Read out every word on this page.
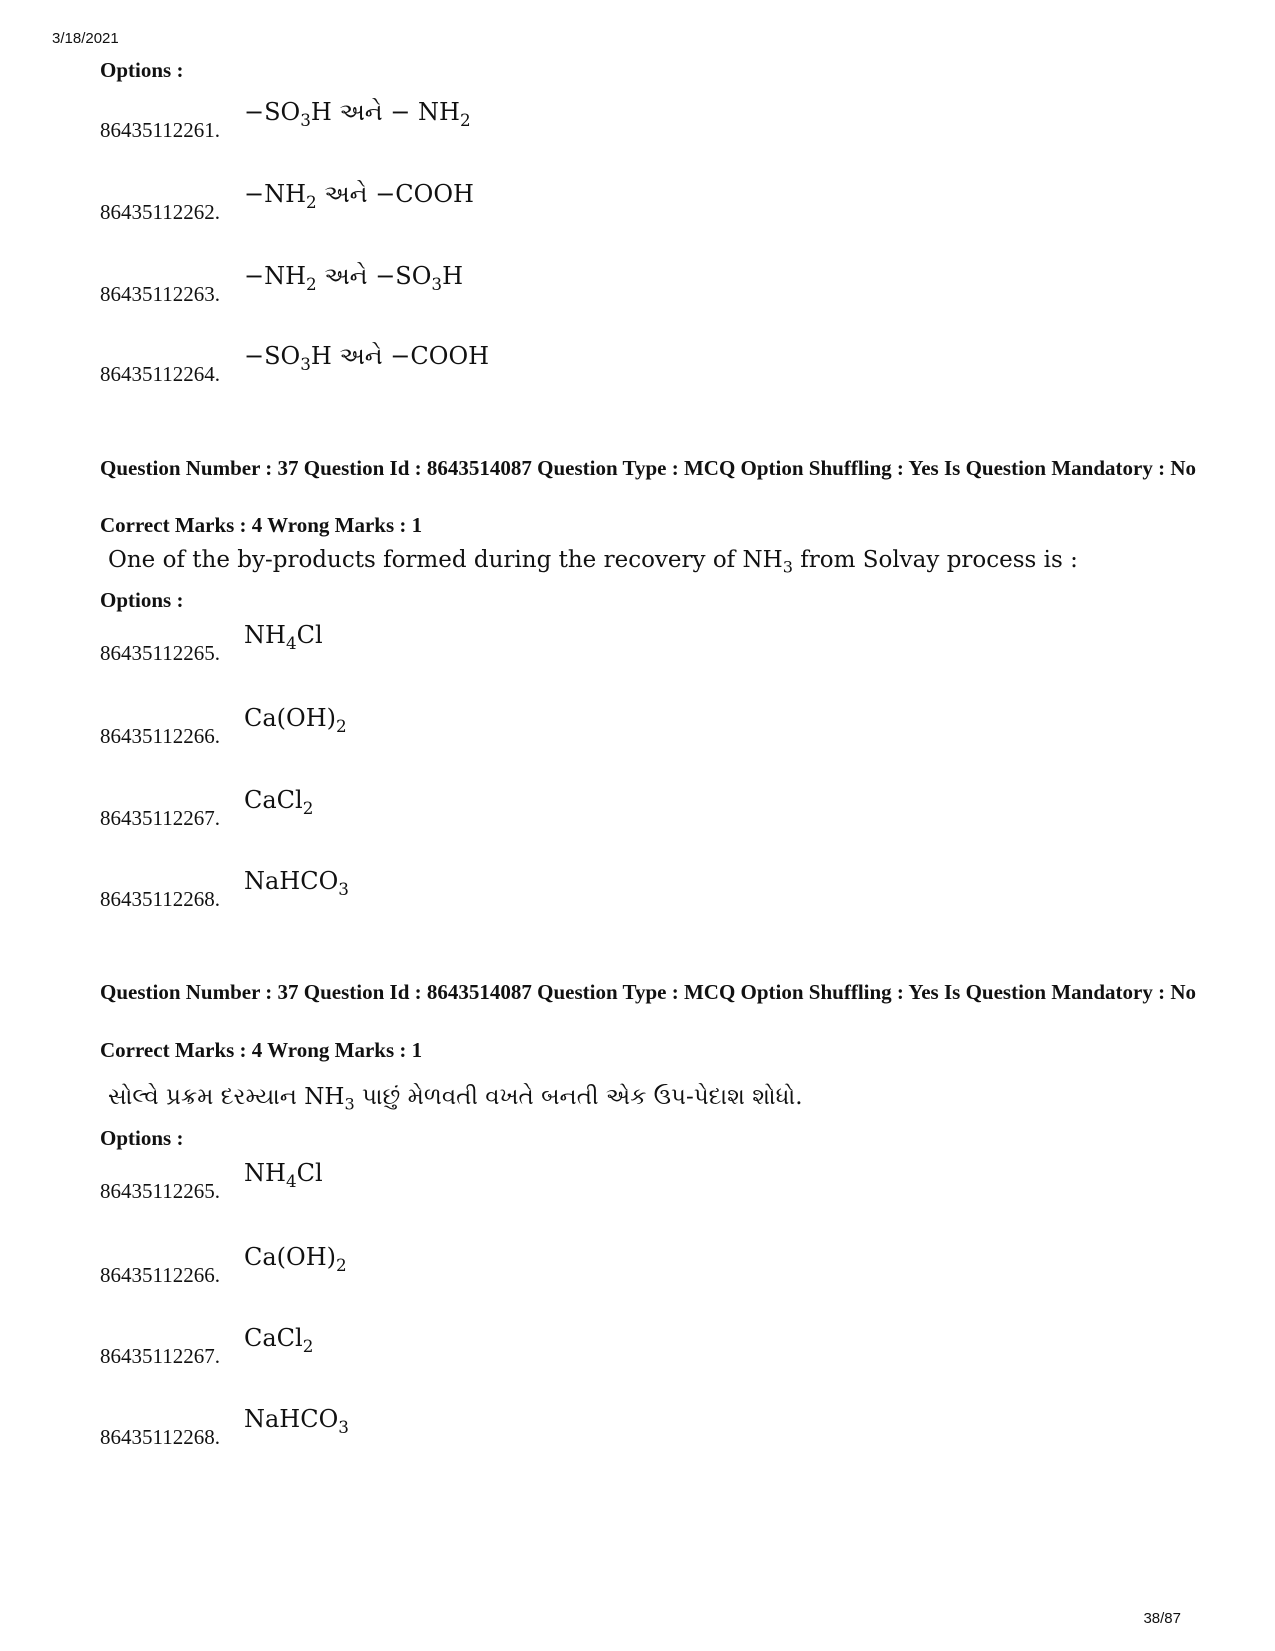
3/18/2021
Options :
86435112261.
$-SO_3H$ અને − $NH_2$
86435112262.
$-NH_2$ અને −COOH
86435112263.
$-NH_2$ અને $-SO_3H$
86435112264.
$-SO_3H$ અને −COOH
Question Number : 37 Question Id : 8643514087 Question Type : MCQ Option Shuffling : Yes Is Question Mandatory : No
Correct Marks : 4 Wrong Marks : 1
One of the by-products formed during the recovery of $NH_3$ from Solvay process is :
Options :
86435112265.
$NH_4Cl$
86435112266.
$Ca(OH)_2$
86435112267.
CaCl$_2$
86435112268.
NaHCO$_3$
Question Number : 37 Question Id : 8643514087 Question Type : MCQ Option Shuffling : Yes Is Question Mandatory : No
Correct Marks : 4 Wrong Marks : 1
સોલ્વે પ્રક્રમ દરમ્યાન $NH_3$ પાછું મેળવતી વખતે બનતી એક ઉપ-પેદાશ શોધો.
Options :
86435112265.
$NH_4Cl$
86435112266.
$Ca(OH)_2$
86435112267.
CaCl$_2$
86435112268.
NaHCO$_3$
38/87
